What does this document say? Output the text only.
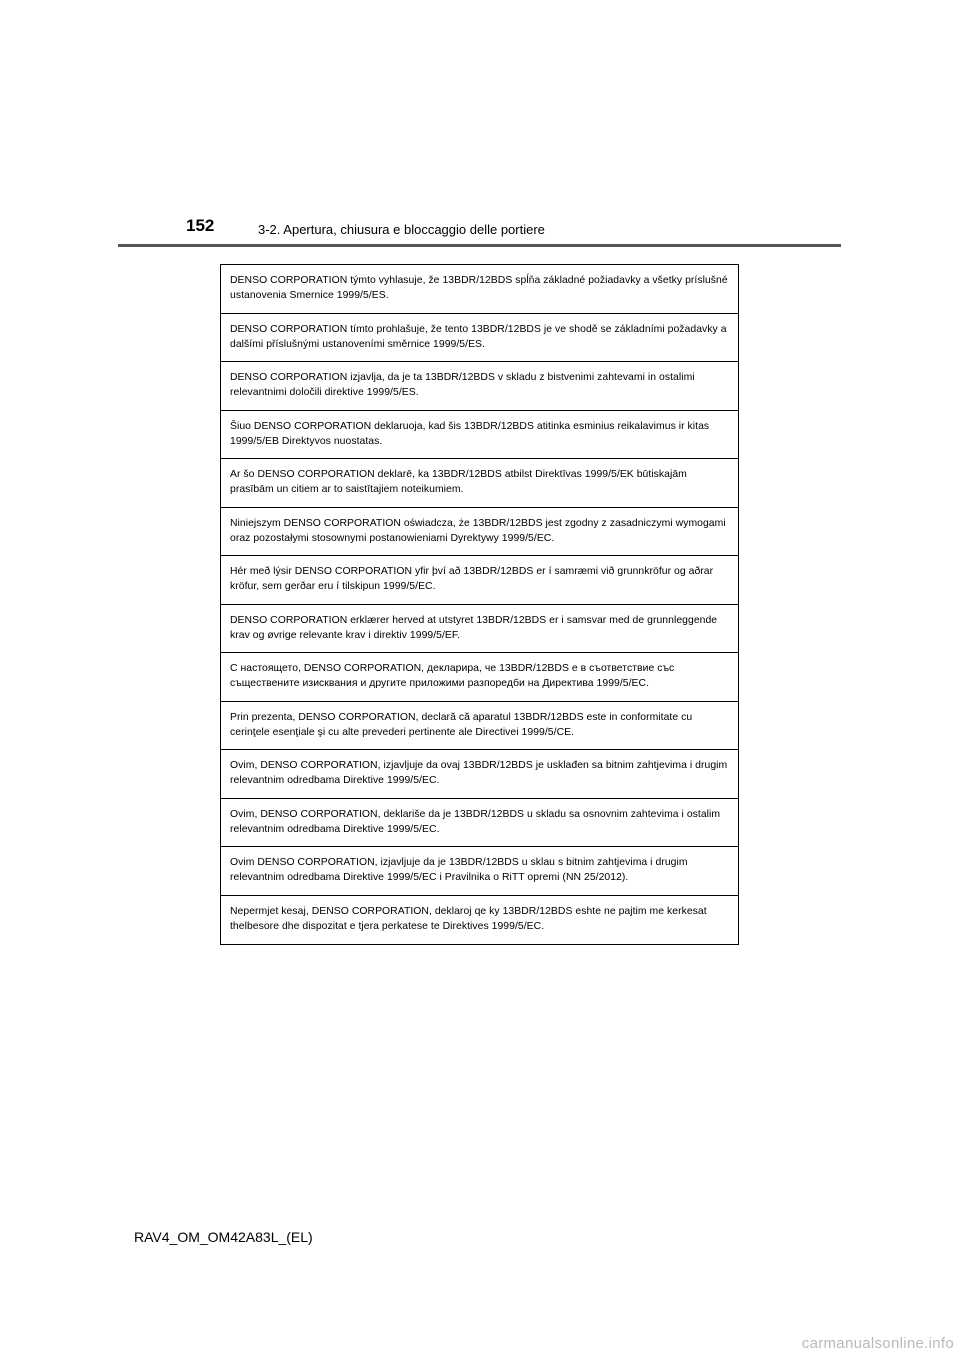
152	3-2. Apertura, chiusura e bloccaggio delle portiere
DENSO CORPORATION týmto vyhlasuje, že 13BDR/12BDS spĺňa základné požiadavky a všetky príslušné ustanovenia Smernice 1999/5/ES.
DENSO CORPORATION tímto prohlašuje, že tento 13BDR/12BDS je ve shodě se základními požadavky a dalšími příslušnými ustanoveními směrnice 1999/5/ES.
DENSO CORPORATION izjavlja, da je ta 13BDR/12BDS v skladu z bistvenimi zahtevami in ostalimi relevantnimi določili direktive 1999/5/ES.
Šiuo DENSO CORPORATION deklaruoja, kad šis 13BDR/12BDS atitinka esminius reikalavimus ir kitas 1999/5/EB Direktyvos nuostatas.
Ar šo DENSO CORPORATION deklarē, ka 13BDR/12BDS atbilst Direktīvas 1999/5/EK būtiskajām prasībām un citiem ar to saistītajiem noteikumiem.
Niniejszym DENSO CORPORATION oświadcza, że 13BDR/12BDS jest zgodny z zasadniczymi wymogami oraz pozostałymi stosownymi postanowieniami Dyrektywy 1999/5/EC.
Hér með lýsir DENSO CORPORATION yfir því að 13BDR/12BDS er í samræmi við grunnkröfur og aðrar kröfur, sem gerðar eru í tilskipun 1999/5/EC.
DENSO CORPORATION erklærer herved at utstyret 13BDR/12BDS er i samsvar med de grunnleggende krav og øvrige relevante krav i direktiv 1999/5/EF.
С настоящето, DENSO CORPORATION, декларира, че 13BDR/12BDS е в съответствие със съществените изисквания и другите приложими разпоредби на Директива 1999/5/EC.
Prin prezenta, DENSO CORPORATION, declară că aparatul 13BDR/12BDS este in conformitate cu cerinţele esenţiale şi cu alte prevederi pertinente ale Directivei 1999/5/CE.
Ovim, DENSO CORPORATION, izjavljuje da ovaj 13BDR/12BDS je usklađen sa bitnim zahtjevima i drugim relevantnim odredbama Direktive 1999/5/EC.
Ovim, DENSO CORPORATION, deklariše da je 13BDR/12BDS u skladu sa osnovnim zahtevima i ostalim relevantnim odredbama Direktive 1999/5/EC.
Ovim DENSO CORPORATION, izjavljuje da je 13BDR/12BDS u sklau s bitnim zahtjevima i drugim relevantnim odredbama Direktive 1999/5/EC i Pravilnika o RiTT opremi (NN 25/2012).
Nepermjet kesaj, DENSO CORPORATION, deklaroj qe ky 13BDR/12BDS eshte ne pajtim me kerkesat thelbesore dhe dispozitat e tjera perkatese te Direktives 1999/5/EC.
RAV4_OM_OM42A83L_(EL)
carmanualsonline.info
